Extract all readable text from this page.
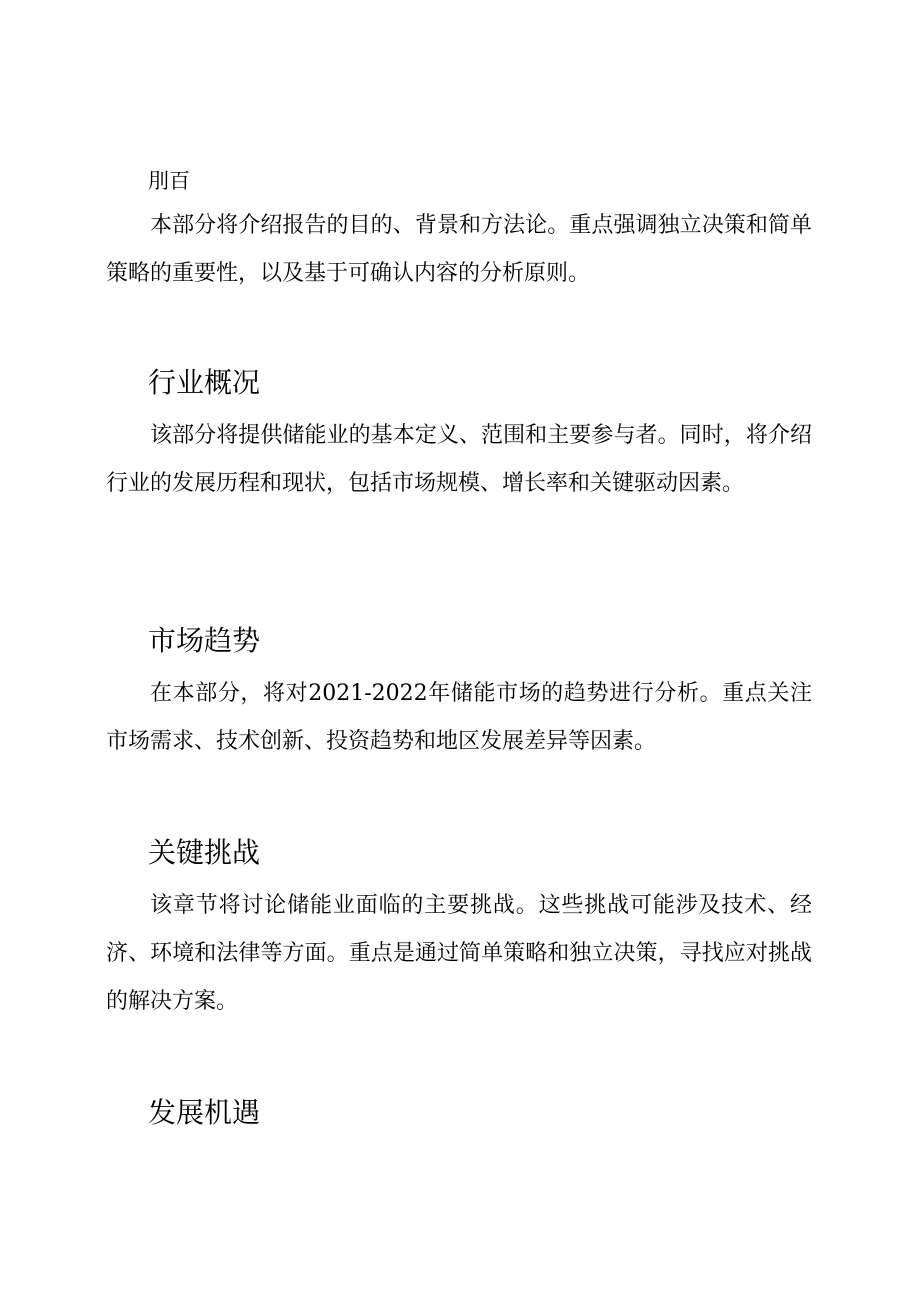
刖百

本部分将介绍报告的目的、背景和方法论。重点强调独立决策和简单策略的重要性，以及基于可确认内容的分析原则。

行业概况

该部分将提供储能业的基本定义、范围和主要参与者。同时，将介绍行业的发展历程和现状，包括市场规模、增长率和关键驱动因素。

市场趋势

在本部分，将对2021-2022年储能市场的趋势进行分析。重点关注市场需求、技术创新、投资趋势和地区发展差异等因素。

关键挑战

该章节将讨论储能业面临的主要挑战。这些挑战可能涉及技术、经济、环境和法律等方面。重点是通过简单策略和独立决策，寻找应对挑战的解决方案。

发展机遇
